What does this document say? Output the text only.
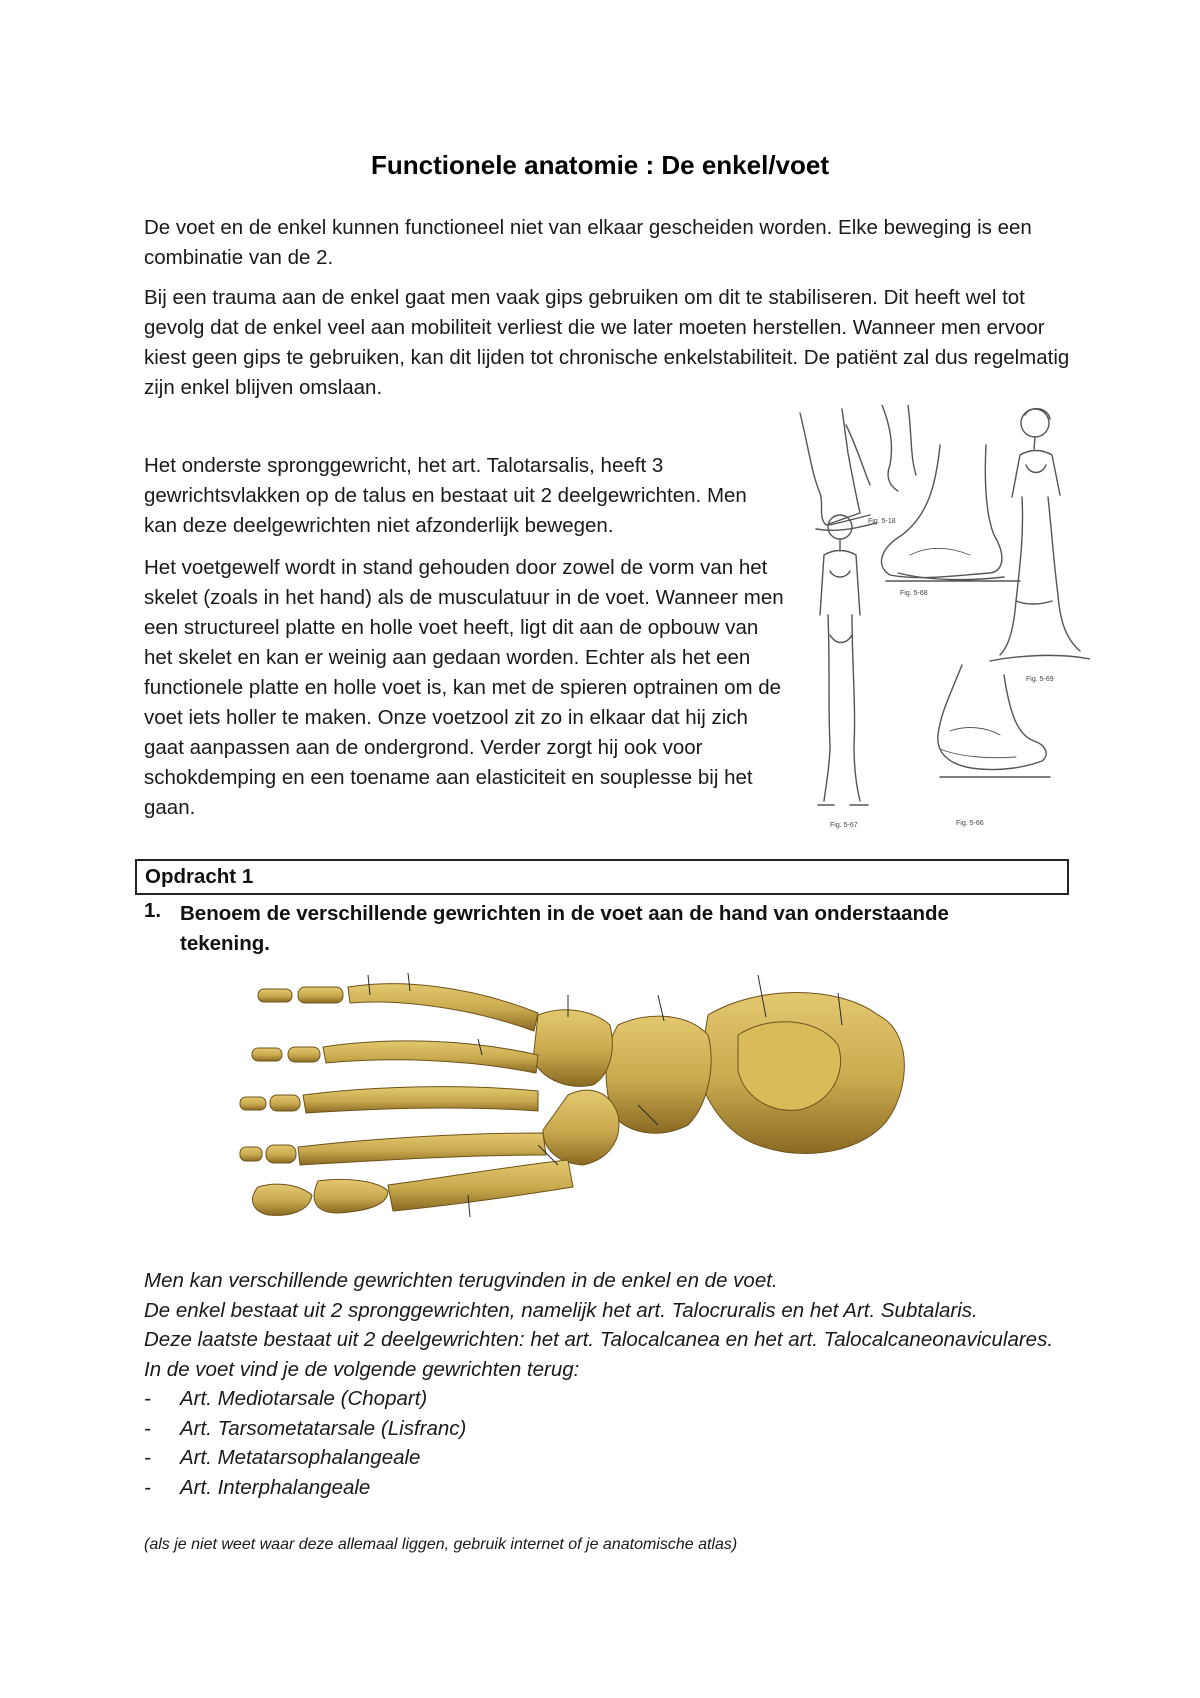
Functionele anatomie : De enkel/voet
De voet en de enkel kunnen functioneel niet van elkaar gescheiden worden. Elke beweging is een combinatie van de 2.
Bij een trauma aan de enkel gaat men vaak gips gebruiken om dit te stabiliseren. Dit heeft wel tot gevolg dat de enkel veel aan mobiliteit verliest die we later moeten herstellen. Wanneer men ervoor kiest geen gips te gebruiken, kan dit lijden tot chronische enkelstabiliteit. De patiënt zal dus regelmatig zijn enkel blijven omslaan.
Het onderste spronggewricht, het art. Talotarsalis, heeft 3 gewrichtsvlakken op de talus en bestaat uit 2 deelgewrichten. Men kan deze deelgewrichten niet afzonderlijk bewegen.
Het voetgewelf wordt in stand gehouden door zowel de vorm van het skelet (zoals in het hand) als de musculatuur in de voet. Wanneer men een structureel platte en holle voet heeft, ligt dit aan de opbouw van het skelet en kan er weinig aan gedaan worden. Echter als het een functionele platte en holle voet is, kan met de spieren optrainen om de voet iets holler te maken. Onze voetzool zit zo in elkaar dat hij zich gaat aanpassen aan de ondergrond. Verder zorgt hij ook voor schokdemping en een toename aan elasticiteit en souplesse bij het gaan.
Fig. 5-18
Fig. 5-68
Fig. 5-69
Fig. 5-67	Fig. 5-66
Opdracht 1
1. Benoem de verschillende gewrichten in de voet aan de hand van onderstaande tekening.
Men kan verschillende gewrichten terugvinden in de enkel en de voet.
De enkel bestaat uit 2 spronggewrichten, namelijk het art. Talocruralis en het Art. Subtalaris.
Deze laatste bestaat uit 2 deelgewrichten: het art. Talocalcanea en het art. Talocalcaneonaviculares.
In de voet vind je de volgende gewrichten terug:
- Art. Mediotarsale (Chopart)
- Art. Tarsometatarsale (Lisfranc)
- Art. Metatarsophalangeale
- Art. Interphalangeale
(als je niet weet waar deze allemaal liggen, gebruik internet of je anatomische atlas)
